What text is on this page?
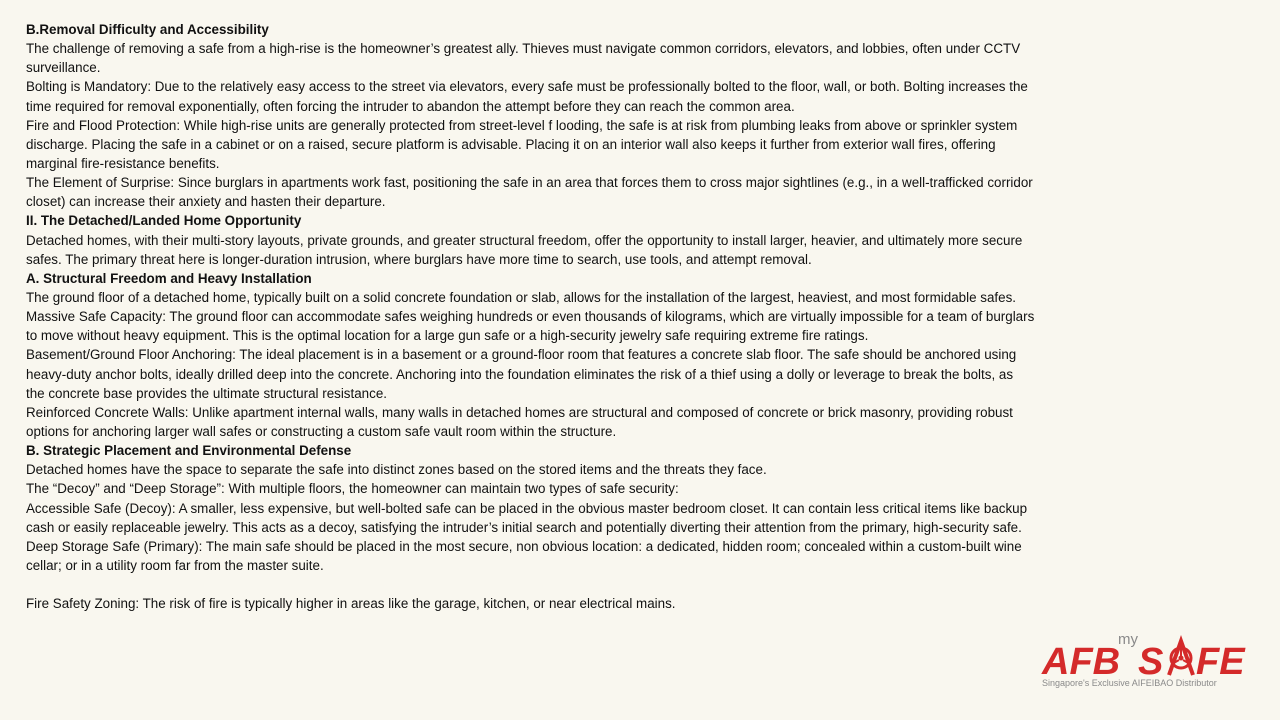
B.Removal Difficulty and Accessibility
The challenge of removing a safe from a high-rise is the homeowner’s greatest ally. Thieves must navigate common corridors, elevators, and lobbies, often under CCTV
surveillance.
Bolting is Mandatory: Due to the relatively easy access to the street via elevators, every safe must be professionally bolted to the floor, wall, or both. Bolting increases the
time required for removal exponentially, often forcing the intruder to abandon the attempt before they can reach the common area.
Fire and Flood Protection: While high-rise units are generally protected from street-level f looding, the safe is at risk from plumbing leaks from above or sprinkler system
discharge. Placing the safe in a cabinet or on a raised, secure platform is advisable. Placing it on an interior wall also keeps it further from exterior wall fires, offering
marginal fire-resistance benefits.
The Element of Surprise: Since burglars in apartments work fast, positioning the safe in an area that forces them to cross major sightlines (e.g., in a well-trafficked corridor
closet) can increase their anxiety and hasten their departure.
II. The Detached/Landed Home Opportunity
Detached homes, with their multi-story layouts, private grounds, and greater structural freedom, offer the opportunity to install larger, heavier, and ultimately more secure
safes. The primary threat here is longer-duration intrusion, where burglars have more time to search, use tools, and attempt removal.
A. Structural Freedom and Heavy Installation
The ground floor of a detached home, typically built on a solid concrete foundation or slab, allows for the installation of the largest, heaviest, and most formidable safes.
Massive Safe Capacity: The ground floor can accommodate safes weighing hundreds or even thousands of kilograms, which are virtually impossible for a team of burglars
to move without heavy equipment. This is the optimal location for a large gun safe or a high-security jewelry safe requiring extreme fire ratings.
Basement/Ground Floor Anchoring: The ideal placement is in a basement or a ground-floor room that features a concrete slab floor. The safe should be anchored using
heavy-duty anchor bolts, ideally drilled deep into the concrete. Anchoring into the foundation eliminates the risk of a thief using a dolly or leverage to break the bolts, as
the concrete base provides the ultimate structural resistance.
Reinforced Concrete Walls: Unlike apartment internal walls, many walls in detached homes are structural and composed of concrete or brick masonry, providing robust
options for anchoring larger wall safes or constructing a custom safe vault room within the structure.
B. Strategic Placement and Environmental Defense
Detached homes have the space to separate the safe into distinct zones based on the stored items and the threats they face.
The “Decoy” and “Deep Storage”: With multiple floors, the homeowner can maintain two types of safe security:
Accessible Safe (Decoy): A smaller, less expensive, but well-bolted safe can be placed in the obvious master bedroom closet. It can contain less critical items like backup
cash or easily replaceable jewelry. This acts as a decoy, satisfying the intruder’s initial search and potentially diverting their attention from the primary, high-security safe.
Deep Storage Safe (Primary): The main safe should be placed in the most secure, non obvious location: a dedicated, hidden room; concealed within a custom-built wine
cellar; or in a utility room far from the master suite.
Fire Safety Zoning: The risk of fire is typically higher in areas like the garage, kitchen, or near electrical mains.
my
AFB S FE
Singapore's Exclusive AIFEIBAO Distributor
